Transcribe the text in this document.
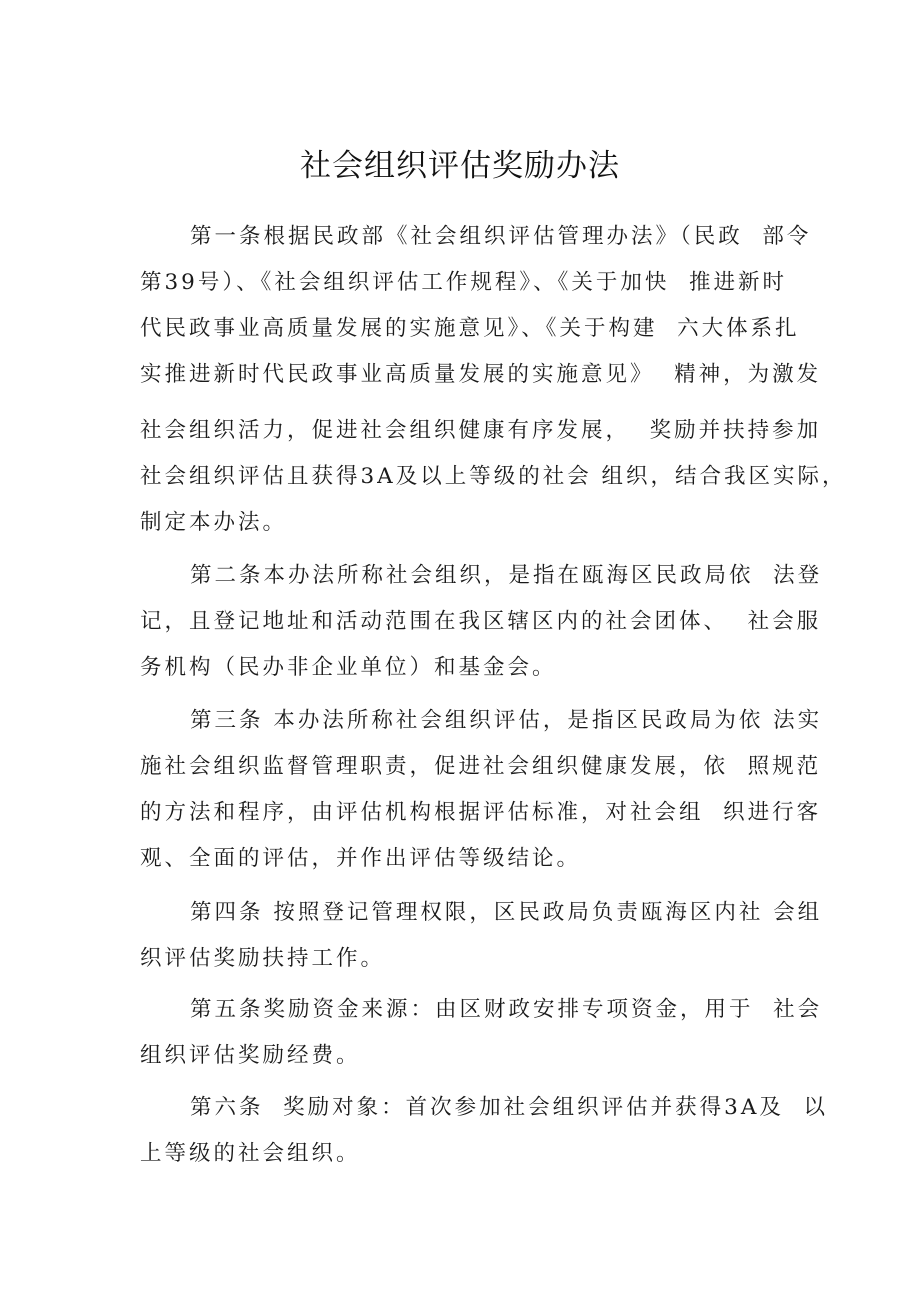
社会组织评估奖励办法
第一条根据民政部《社会组织评估管理办法》（民政  部令
第39号）、《社会组织评估工作规程》、《关于加快  推进新时
代民政事业高质量发展的实施意见》、《关于构建  六大体系扎
实推进新时代民政事业高质量发展的实施意见》  精神，为激发
社会组织活力，促进社会组织健康有序发展，  奖励并扶持参加
社会组织评估且获得3A及以上等级的社会 组织，结合我区实际，
制定本办法。
第二条本办法所称社会组织，是指在瓯海区民政局依  法登
记，且登记地址和活动范围在我区辖区内的社会团体、  社会服
务机构（民办非企业单位）和基金会。
第三条 本办法所称社会组织评估，是指区民政局为依 法实
施社会组织监督管理职责，促进社会组织健康发展，依  照规范
的方法和程序，由评估机构根据评估标准，对社会组  织进行客
观、全面的评估，并作出评估等级结论。
第四条 按照登记管理权限，区民政局负责瓯海区内社 会组
织评估奖励扶持工作。
第五条奖励资金来源：由区财政安排专项资金，用于  社会
组织评估奖励经费。
第六条  奖励对象：首次参加社会组织评估并获得3A及  以
上等级的社会组织。
